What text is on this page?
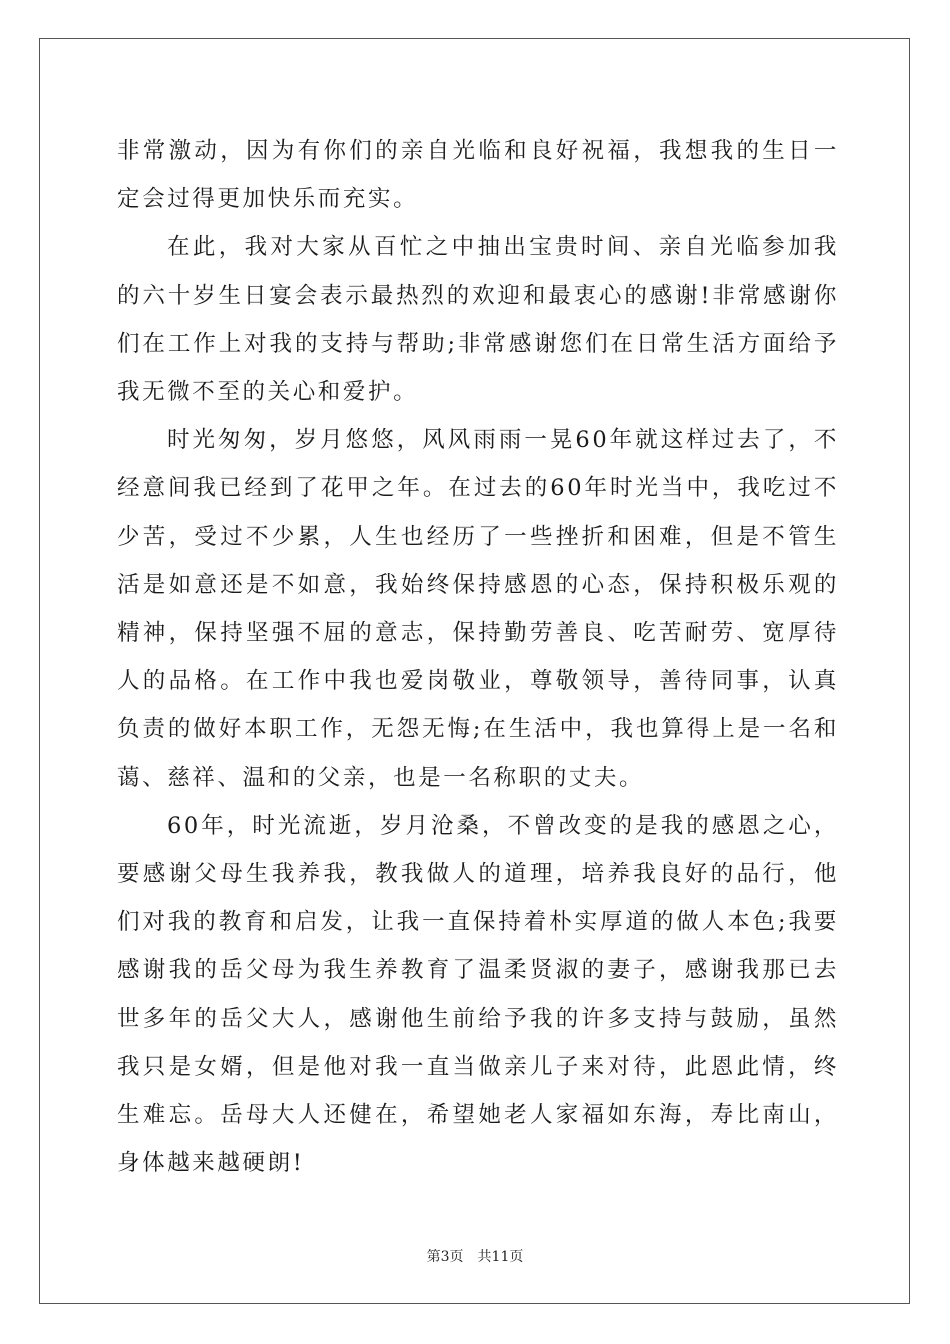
非常激动，因为有你们的亲自光临和良好祝福，我想我的生日一定会过得更加快乐而充实。

在此，我对大家从百忙之中抽出宝贵时间、亲自光临参加我的六十岁生日宴会表示最热烈的欢迎和最衷心的感谢!非常感谢你们在工作上对我的支持与帮助;非常感谢您们在日常生活方面给予我无微不至的关心和爱护。

时光匆匆，岁月悠悠，风风雨雨一晃60年就这样过去了，不经意间我已经到了花甲之年。在过去的60年时光当中，我吃过不少苦，受过不少累，人生也经历了一些挫折和困难，但是不管生活是如意还是不如意，我始终保持感恩的心态，保持积极乐观的精神，保持坚强不屈的意志，保持勤劳善良、吃苦耐劳、宽厚待人的品格。在工作中我也爱岗敬业，尊敬领导，善待同事，认真负责的做好本职工作，无怨无悔;在生活中，我也算得上是一名和蔼、慈祥、温和的父亲，也是一名称职的丈夫。

60年，时光流逝，岁月沧桑，不曾改变的是我的感恩之心，要感谢父母生我养我，教我做人的道理，培养我良好的品行，他们对我的教育和启发，让我一直保持着朴实厚道的做人本色;我要感谢我的岳父母为我生养教育了温柔贤淑的妻子，感谢我那已去世多年的岳父大人，感谢他生前给予我的许多支持与鼓励，虽然我只是女婿，但是他对我一直当做亲儿子来对待，此恩此情，终生难忘。岳母大人还健在，希望她老人家福如东海，寿比南山，身体越来越硬朗!

第3页　共11页
